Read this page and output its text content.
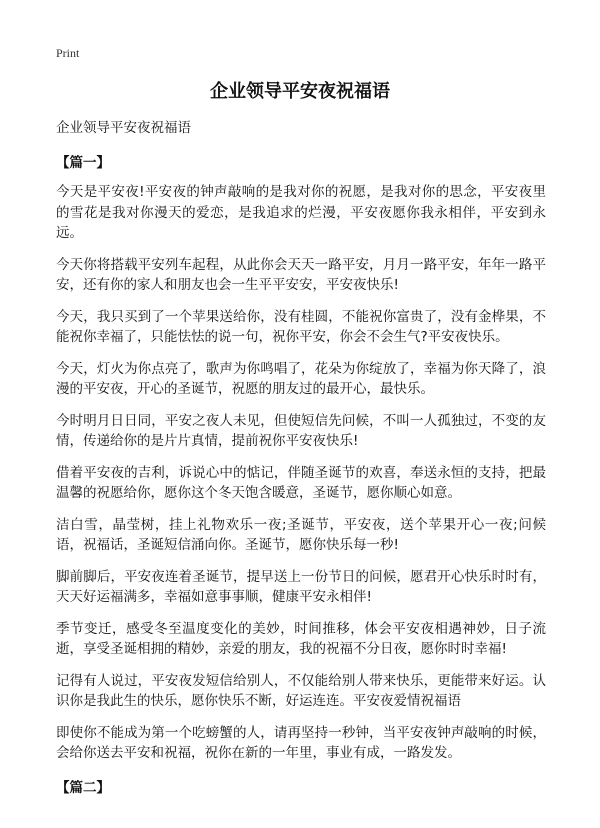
Print
企业领导平安夜祝福语
企业领导平安夜祝福语
【篇一】

今天是平安夜!平安夜的钟声敲响的是我对你的祝愿，是我对你的思念，平安夜里的雪花是我对你漫天的爱恋，是我追求的烂漫，平安夜愿你我永相伴，平安到永远。

今天你将搭载平安列车起程，从此你会天天一路平安，月月一路平安，年年一路平安，还有你的家人和朋友也会一生平平安安，平安夜快乐!

今天，我只买到了一个苹果送给你，没有桂圆，不能祝你富贵了，没有金桦果，不能祝你幸福了，只能怯怯的说一句，祝你平安，你会不会生气?平安夜快乐。

今天，灯火为你点亮了，歌声为你鸣唱了，花朵为你绽放了，幸福为你天降了，浪漫的平安夜，开心的圣诞节，祝愿的朋友过的最开心，最快乐。

今时明月日日同，平安之夜人未见，但使短信先问候，不叫一人孤独过，不变的友情，传递给你的是片片真情，提前祝你平安夜快乐!

借着平安夜的吉利，诉说心中的惦记，伴随圣诞节的欢喜，奉送永恒的支持，把最温馨的祝愿给你，愿你这个冬天饱含暖意，圣诞节，愿你顺心如意。

洁白雪，晶莹树，挂上礼物欢乐一夜;圣诞节，平安夜，送个苹果开心一夜;问候语，祝福话，圣诞短信涌向你。圣诞节，愿你快乐每一秒!

脚前脚后，平安夜连着圣诞节，提早送上一份节日的问候，愿君开心快乐时时有，天天好运福满多，幸福如意事事顺，健康平安永相伴!

季节变迁，感受冬至温度变化的美妙，时间推移，体会平安夜相遇神妙，日子流逝，享受圣诞相拥的精妙，亲爱的朋友，我的祝福不分日夜，愿你时时幸福!

记得有人说过，平安夜发短信给别人，不仅能给别人带来快乐，更能带来好运。认识你是我此生的快乐，愿你快乐不断，好运连连。平安夜爱情祝福语

即使你不能成为第一个吃螃蟹的人，请再坚持一秒钟，当平安夜钟声敲响的时候，会给你送去平安和祝福，祝你在新的一年里，事业有成，一路发发。

【篇二】
